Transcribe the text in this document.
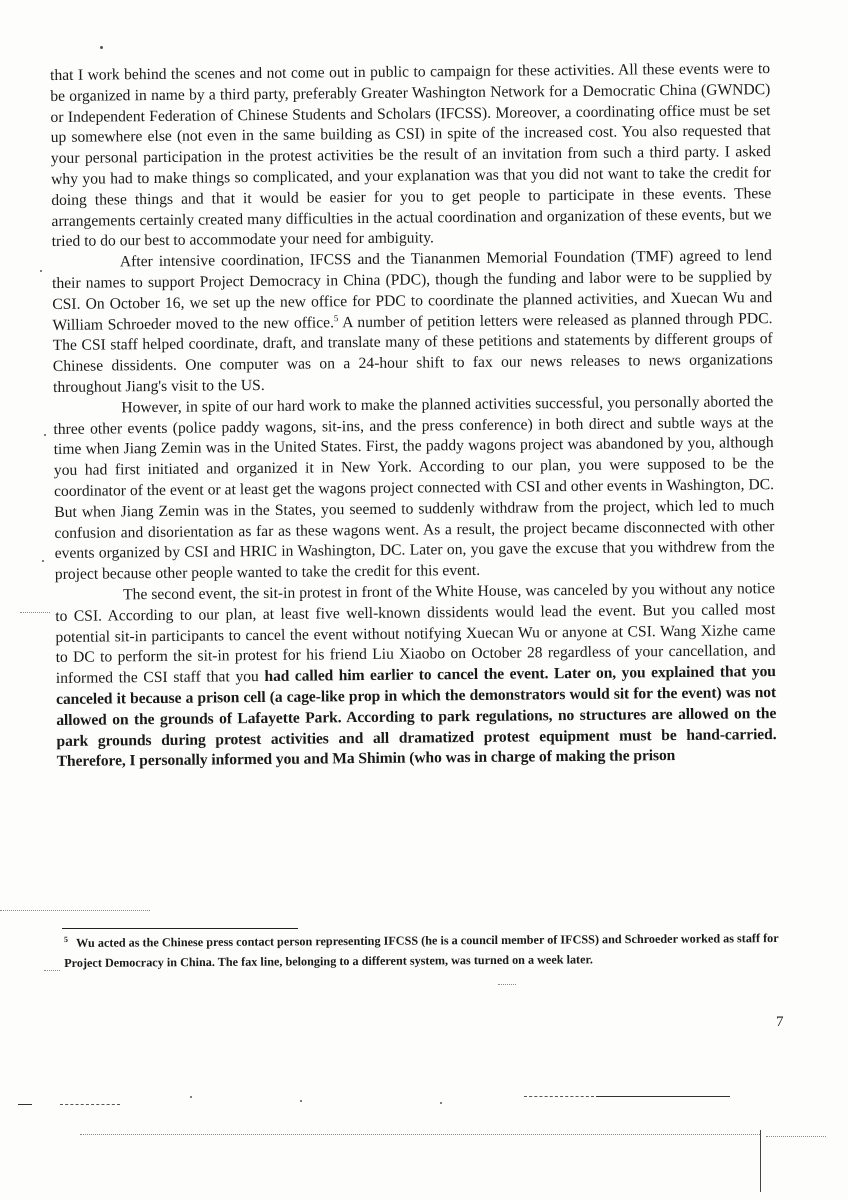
that I work behind the scenes and not come out in public to campaign for these activities. All these events were to be organized in name by a third party, preferably Greater Washington Network for a Democratic China (GWNDC) or Independent Federation of Chinese Students and Scholars (IFCSS). Moreover, a coordinating office must be set up somewhere else (not even in the same building as CSI) in spite of the increased cost. You also requested that your personal participation in the protest activities be the result of an invitation from such a third party. I asked why you had to make things so complicated, and your explanation was that you did not want to take the credit for doing these things and that it would be easier for you to get people to participate in these events. These arrangements certainly created many difficulties in the actual coordination and organization of these events, but we tried to do our best to accommodate your need for ambiguity.

After intensive coordination, IFCSS and the Tiananmen Memorial Foundation (TMF) agreed to lend their names to support Project Democracy in China (PDC), though the funding and labor were to be supplied by CSI. On October 16, we set up the new office for PDC to coordinate the planned activities, and Xuecan Wu and William Schroeder moved to the new office.$^5$ A number of petition letters were released as planned through PDC. The CSI staff helped coordinate, draft, and translate many of these petitions and statements by different groups of Chinese dissidents. One computer was on a 24-hour shift to fax our news releases to news organizations throughout Jiang's visit to the US.

However, in spite of our hard work to make the planned activities successful, you personally aborted the three other events (police paddy wagons, sit-ins, and the press conference) in both direct and subtle ways at the time when Jiang Zemin was in the United States. First, the paddy wagons project was abandoned by you, although you had first initiated and organized it in New York. According to our plan, you were supposed to be the coordinator of the event or at least get the wagons project connected with CSI and other events in Washington, DC. But when Jiang Zemin was in the States, you seemed to suddenly withdraw from the project, which led to much confusion and disorientation as far as these wagons went. As a result, the project became disconnected with other events organized by CSI and HRIC in Washington, DC. Later on, you gave the excuse that you withdrew from the project because other people wanted to take the credit for this event.

The second event, the sit-in protest in front of the White House, was canceled by you without any notice to CSI. According to our plan, at least five well-known dissidents would lead the event. But you called most potential sit-in participants to cancel the event without notifying Xuecan Wu or anyone at CSI. Wang Xizhe came to DC to perform the sit-in protest for his friend Liu Xiaobo on October 28 regardless of your cancellation, and informed the CSI staff that you had called him earlier to cancel the event. Later on, you explained that you canceled it because a prison cell (a cage-like prop in which the demonstrators would sit for the event) was not allowed on the grounds of Lafayette Park. According to park regulations, no structures are allowed on the park grounds during protest activities and all dramatized protest equipment must be hand-carried. Therefore, I personally informed you and Ma Shimin (who was in charge of making the prison

$^5$ Wu acted as the Chinese press contact person representing IFCSS (he is a council member of IFCSS) and Schroeder worked as staff for Project Democracy in China. The fax line, belonging to a different system, was turned on a week later.
7
